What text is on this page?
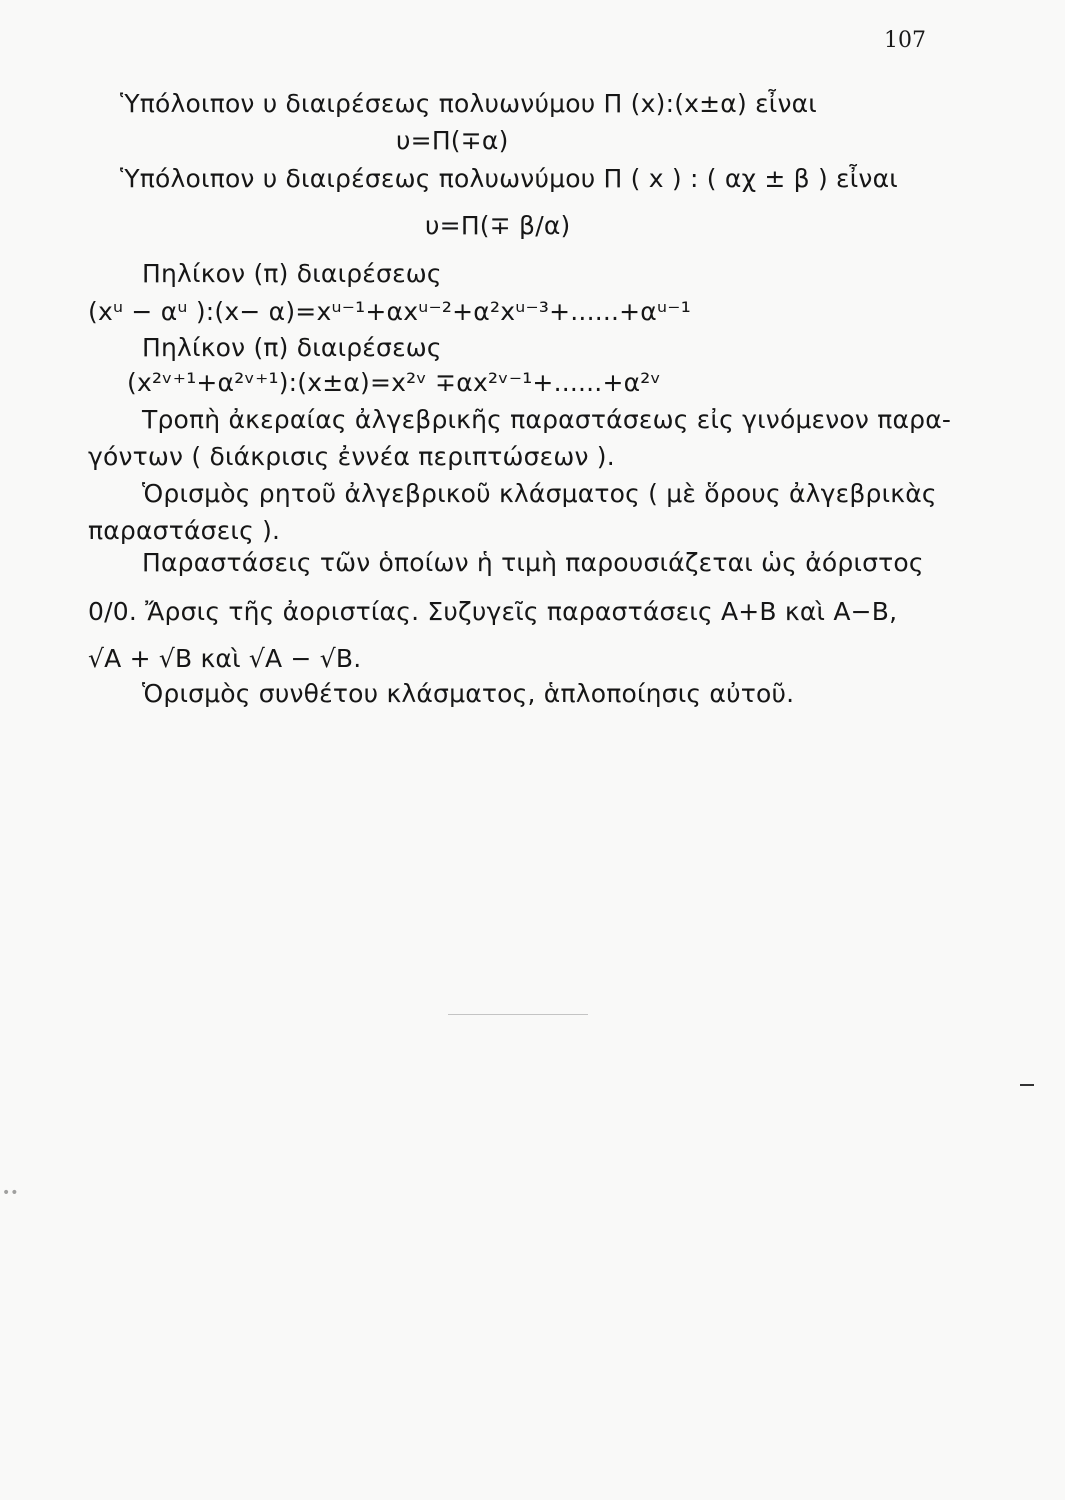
107
Ὑπόλοιπον υ διαιρέσεως πολυωνύμου Π (x):(x±α) εἶναι
υ=Π(∓α)
Ὑπόλοιπον υ διαιρέσεως πολυωνύμου Π ( x ) : ( αχ ± β ) εἶναι
υ=Π(∓ β/α)
Πηλίκον (π) διαιρέσεως
(xᵘ − αᵘ ):(x− α)=xᵘ⁻¹+αxᵘ⁻²+α²xᵘ⁻³+......+αᵘ⁻¹
Πηλίκον (π) διαιρέσεως
(x²ᵛ⁺¹+α²ᵛ⁺¹):(x±α)=x²ᵛ ∓αx²ᵛ⁻¹+......+α²ᵛ
Τροπὴ ἀκεραίας ἀλγεβρικῆς παραστάσεως εἰς γινόμενον παρα-
γόντων ( διάκρισις ἐννέα περιπτώσεων ).
Ὁρισμὸς ρητοῦ ἀλγεβρικοῦ κλάσματος ( μὲ ὅρους ἀλγεβρικὰς
παραστάσεις ).
Παραστάσεις τῶν ὁποίων ἡ τιμὴ παρουσιάζεται ὡς ἀόριστος
0/0. Ἄρσις τῆς ἀοριστίας. Συζυγεῖς παραστάσεις A+B καὶ A−B,
√A + √B καὶ √A − √B.
Ὁρισμὸς συνθέτου κλάσματος, ἁπλοποίησις αὐτοῦ.
••
